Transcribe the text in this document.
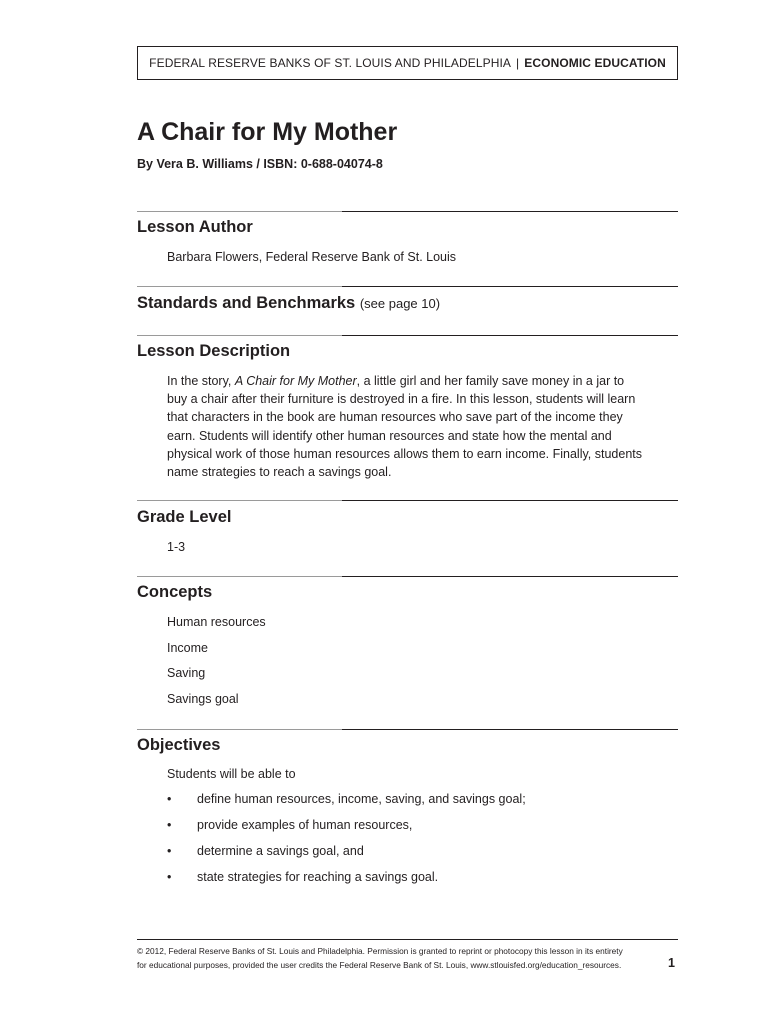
FEDERAL RESERVE BANKS OF ST. LOUIS AND PHILADELPHIA | ECONOMIC EDUCATION
A Chair for My Mother
By Vera B. Williams / ISBN: 0-688-04074-8
Lesson Author
Barbara Flowers, Federal Reserve Bank of St. Louis
Standards and Benchmarks (see page 10)
Lesson Description
In the story, A Chair for My Mother, a little girl and her family save money in a jar to
buy a chair after their furniture is destroyed in a fire. In this lesson, students will learn
that characters in the book are human resources who save part of the income they
earn. Students will identify other human resources and state how the mental and
physical work of those human resources allows them to earn income. Finally, students
name strategies to reach a savings goal.
Grade Level
1-3
Concepts
Human resources
Income
Saving
Savings goal
Objectives
Students will be able to
• define human resources, income, saving, and savings goal;
• provide examples of human resources,
• determine a savings goal, and
• state strategies for reaching a savings goal.
© 2012, Federal Reserve Banks of St. Louis and Philadelphia. Permission is granted to reprint or photocopy this lesson in its entirety
for educational purposes, provided the user credits the Federal Reserve Bank of St. Louis, www.stlouisfed.org/education_resources.	1
